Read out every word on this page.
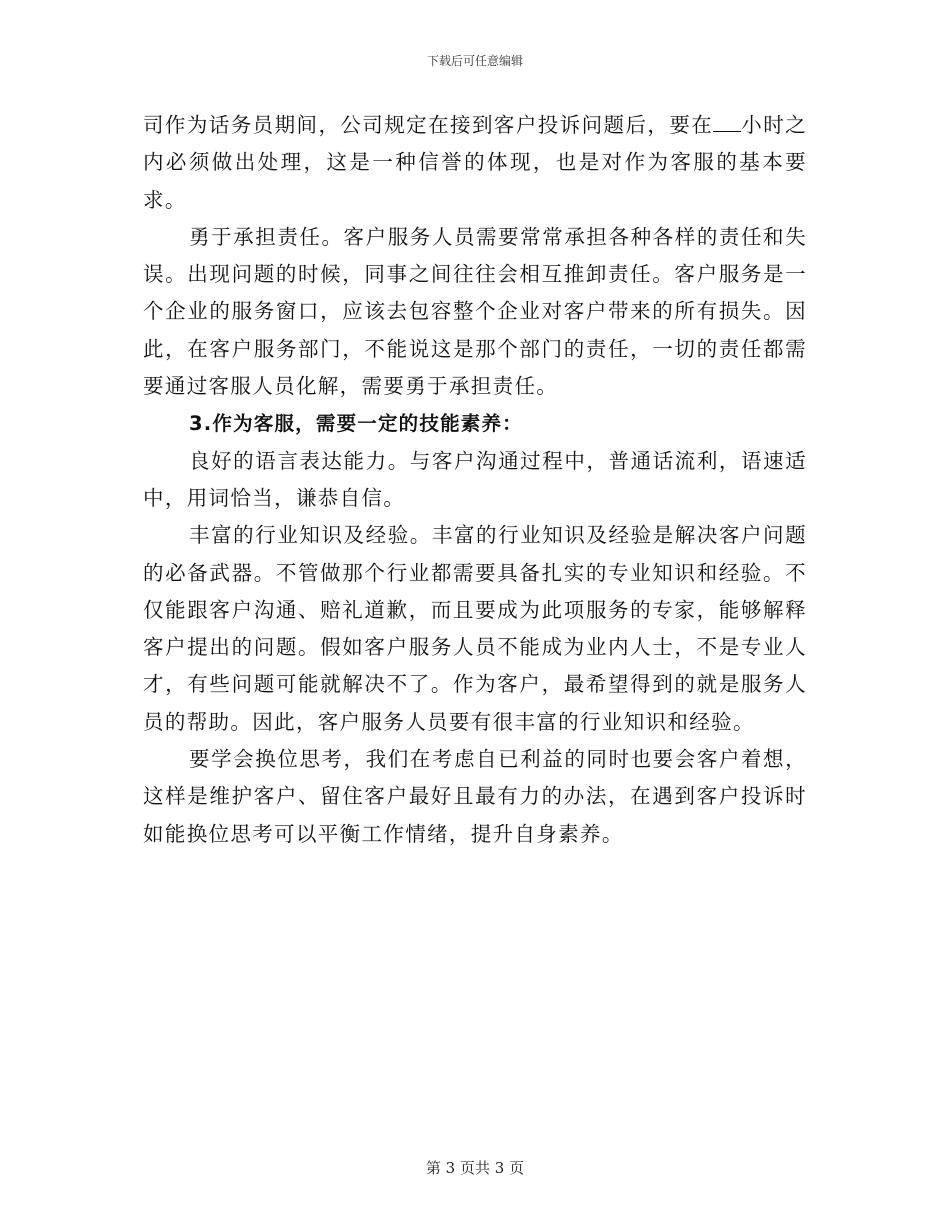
下载后可任意编辑

司作为话务员期间，公司规定在接到客户投诉问题后，要在 小时之内必须做出处理，这是一种信誉的体现，也是对作为客服的基本要求。

勇于承担责任。客户服务人员需要常常承担各种各样的责任和失误。出现问题的时候，同事之间往往会相互推卸责任。客户服务是一个企业的服务窗口，应该去包容整个企业对客户带来的所有损失。因此，在客户服务部门，不能说这是那个部门的责任，一切的责任都需要通过客服人员化解，需要勇于承担责任。

3.作为客服，需要一定的技能素养：

良好的语言表达能力。与客户沟通过程中，普通话流利，语速适中，用词恰当，谦恭自信。

丰富的行业知识及经验。丰富的行业知识及经验是解决客户问题的必备武器。不管做那个行业都需要具备扎实的专业知识和经验。不仅能跟客户沟通、赔礼道歉，而且要成为此项服务的专家，能够解释客户提出的问题。假如客户服务人员不能成为业内人士，不是专业人才，有些问题可能就解决不了。作为客户，最希望得到的就是服务人员的帮助。因此，客户服务人员要有很丰富的行业知识和经验。

要学会换位思考，我们在考虑自已利益的同时也要会客户着想，这样是维护客户、留住客户最好且最有力的办法，在遇到客户投诉时如能换位思考可以平衡工作情绪，提升自身素养。

第 3 页共 3 页
